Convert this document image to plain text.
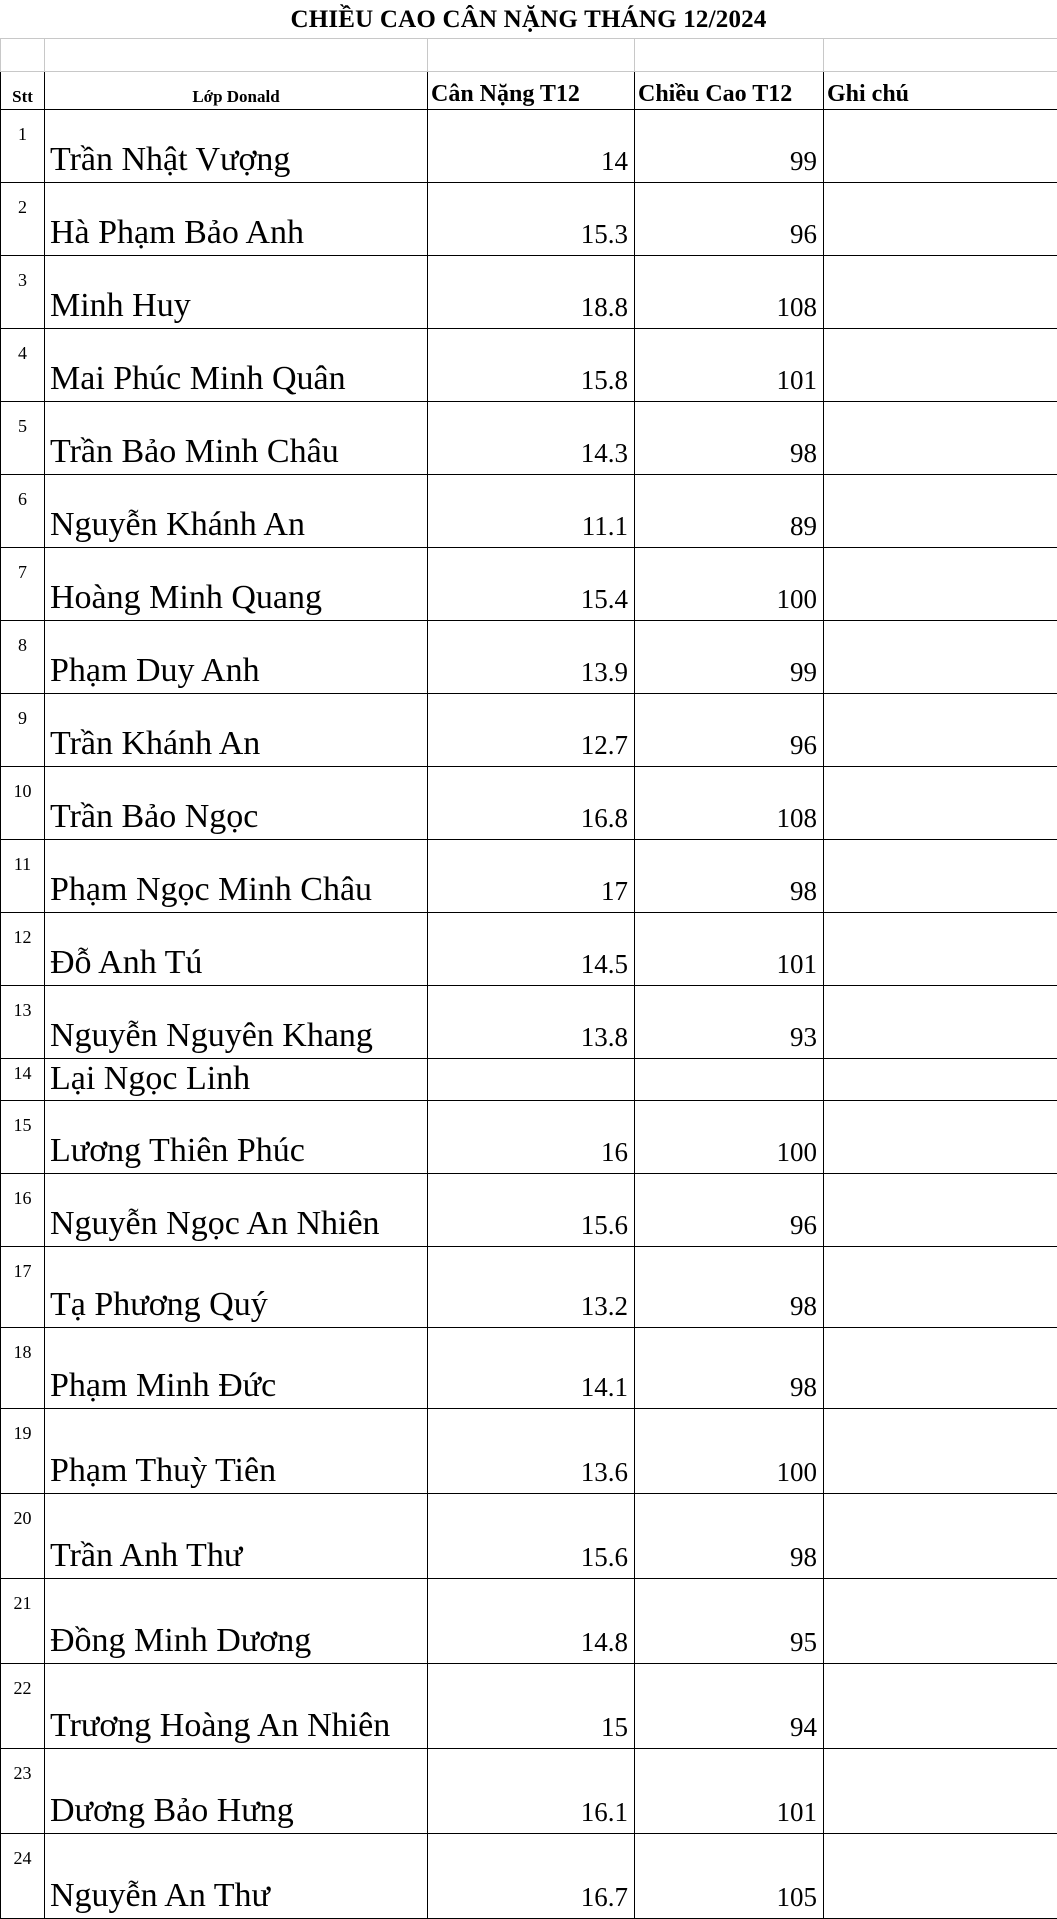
CHIỀU CAO CÂN NẶNG THÁNG 12/2024

Stt	Lớp Donald	Cân Nặng T12	Chiều Cao T12	Ghi chú
1	Trần Nhật Vượng	14	99	
2	Hà Phạm Bảo Anh	15.3	96	
3	Minh Huy	18.8	108	
4	Mai Phúc Minh Quân	15.8	101	
5	Trần Bảo Minh Châu	14.3	98	
6	Nguyễn Khánh An	11.1	89	
7	Hoàng Minh Quang	15.4	100	
8	Phạm Duy Anh	13.9	99	
9	Trần Khánh An	12.7	96	
10	Trần Bảo Ngọc	16.8	108	
11	Phạm Ngọc Minh Châu	17	98	
12	Đỗ Anh Tú	14.5	101	
13	Nguyễn Nguyên Khang	13.8	93	
14	Lại Ngọc Linh			
15	Lương Thiên Phúc	16	100	
16	Nguyễn Ngọc An Nhiên	15.6	96	
17	Tạ Phương Quý	13.2	98	
18	Phạm Minh Đức	14.1	98	
19	Phạm Thuỳ Tiên	13.6	100	
20	Trần Anh Thư	15.6	98	
21	Đồng Minh Dương	14.8	95	
22	Trương Hoàng An Nhiên	15	94	
23	Dương Bảo Hưng	16.1	101	
24	Nguyễn An Thư	16.7	105	
